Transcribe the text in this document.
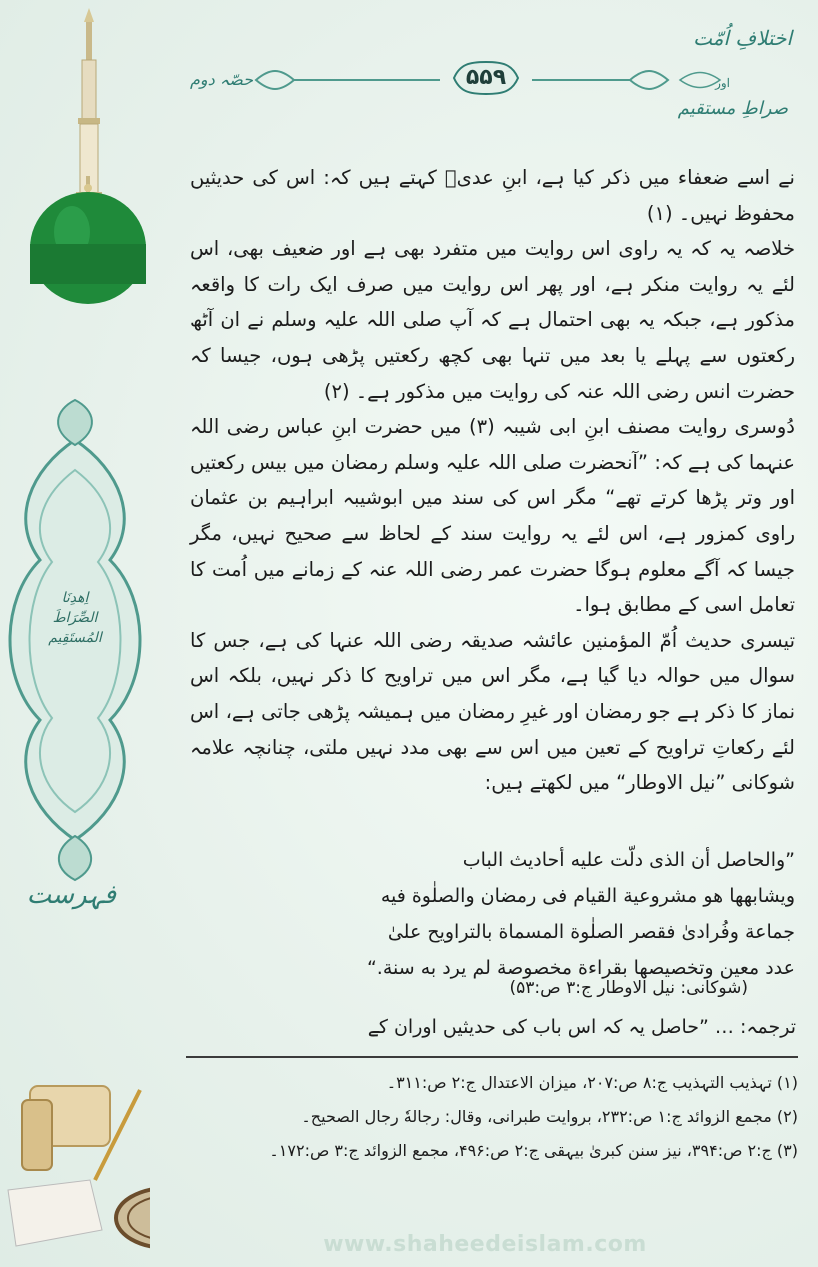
اِهدِنَا الصِّرَاطَ المُستَقِيم
فہرست
اختلافِ اُمّت
اور
صراطِ مستقیم
حصّہ دوم	۵۵۹

نے اسے ضعفاء میں ذکر کیا ہے، ابنِ عدیؒ کہتے ہیں کہ: اس کی حدیثیں محفوظ نہیں۔ (۱)

خلاصہ یہ کہ یہ راوی اس روایت میں متفرد بھی ہے اور ضعیف بھی، اس لئے یہ روایت منکر ہے، اور پھر اس روایت میں صرف ایک رات کا واقعہ مذکور ہے، جبکہ یہ بھی احتمال ہے کہ آپ صلی اللہ علیہ وسلم نے ان آٹھ رکعتوں سے پہلے یا بعد میں تنہا بھی کچھ رکعتیں پڑھی ہوں، جیسا کہ حضرت انس رضی اللہ عنہ کی روایت میں مذکور ہے۔ (۲)

دُوسری روایت مصنف ابنِ ابی شیبہ (۳) میں حضرت ابنِ عباس رضی اللہ عنہما کی ہے کہ: ”آنحضرت صلی اللہ علیہ وسلم رمضان میں بیس رکعتیں اور وتر پڑھا کرتے تھے“ مگر اس کی سند میں ابوشیبہ ابراہیم بن عثمان راوی کمزور ہے، اس لئے یہ روایت سند کے لحاظ سے صحیح نہیں، مگر جیسا کہ آگے معلوم ہوگا حضرت عمر رضی اللہ عنہ کے زمانے میں اُمت کا تعامل اسی کے مطابق ہوا۔

تیسری حدیث اُمّ المؤمنین عائشہ صدیقہ رضی اللہ عنہا کی ہے، جس کا سوال میں حوالہ دیا گیا ہے، مگر اس میں تراویح کا ذکر نہیں، بلکہ اس نماز کا ذکر ہے جو رمضان اور غیرِ رمضان میں ہمیشہ پڑھی جاتی ہے، اس لئے رکعاتِ تراویح کے تعین میں اس سے بھی مدد نہیں ملتی، چنانچہ علامہ شوکانی ”نیل الاوطار“ میں لکھتے ہیں:

”والحاصل أن الذى دلّت عليه أحاديث الباب
ويشابهها هو مشروعية القيام فى رمضان والصلٰوة فيه
جماعة وفُرادىٰ فقصر الصلٰوة المسماة بالتراويح علىٰ
عدد معين وتخصيصها بقراءة مخصوصة لم يرد به سنة.“
(شوکانی: نیل الاوطار ج:۳ ص:۵۳)
ترجمہ: … ”حاصل یہ کہ اس باب کی حدیثیں اوران کے
(۱) تہذیب التہذیب ج:۸ ص:۲۰۷، میزان الاعتدال ج:۲ ص:۳۱۱۔
(۲) مجمع الزوائد ج:۱ ص:۲۳۲، بروایت طبرانی، وقال: رجالهٗ رجال الصحيح۔
(۳) ج:۲ ص:۳۹۴، نیز سنن کبریٰ بیہقی ج:۲ ص:۴۹۶، مجمع الزوائد ج:۳ ص:۱۷۲۔
www.shaheedeislam.com
